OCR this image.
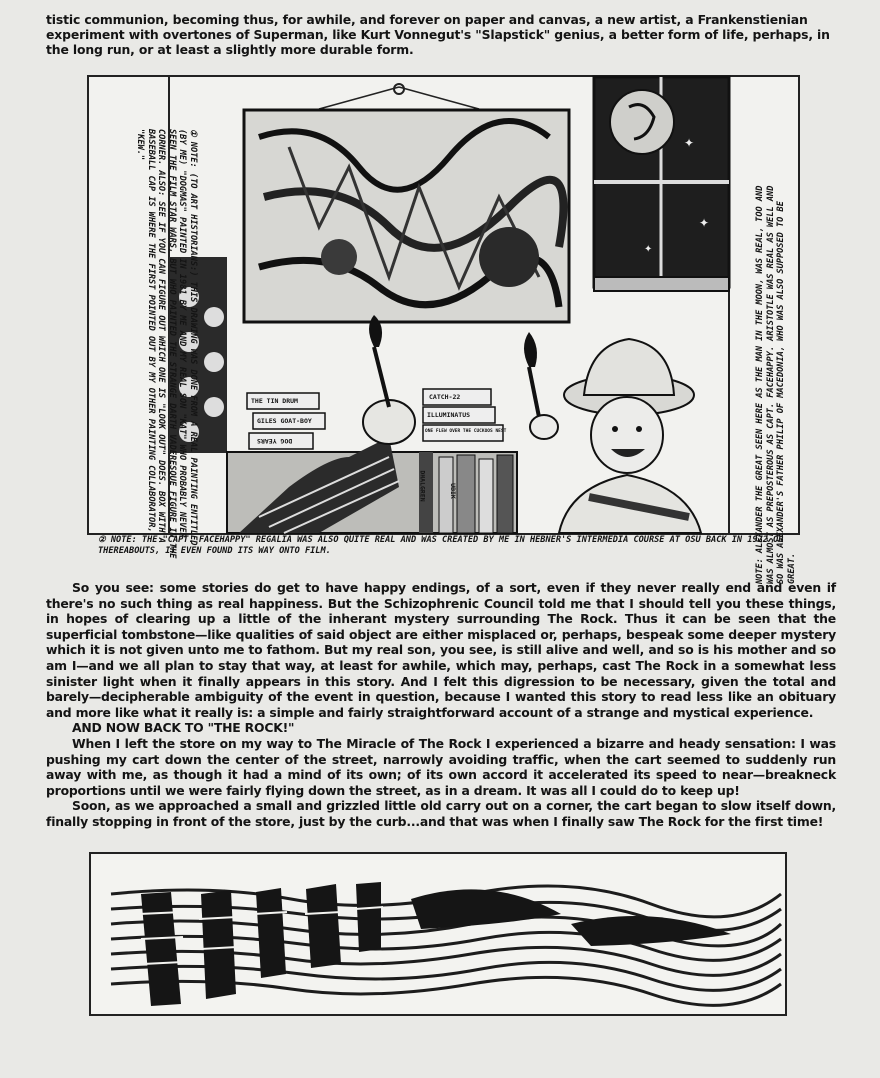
tistic communion, becoming thus, for awhile, and forever on paper and canvas, a new artist, a Frankenstienian experiment with overtones of Superman, like Kurt Vonnegut's "Slapstick" genius, a better form of life, perhaps, in the long run, or at least a slightly more durable form.

✦
✦
✦

① NOTE: (TO ART HISTORIANS:) THIS DRAWING WAS DONE FROM A REAL PAINTING ENTITLED (BY ME) "DOGMAS" PAINTED IN 1981 BY ME AND MY REAL SON "KAT" WHO PROBABLY NEVER SEEN THE FILM STAR WARS, BUT WHO PAINTED THE STRANGE DARTH VADERESQUE FIGURE IN THE CORNER. ALSO: SEE IF YOU CAN FIGURE OUT WHICH ONE IS "LOOK OUT" DOES. BOX WITH A BASEBALL CAP IS WHERE THE FIRST POINTED OUT BY MY OTHER PAINTING COLLABORATOR, "KEW."

NOTE: ALEXANDER THE GREAT SEEN HERE AS THE MAN IN THE MOON, WAS REAL, TOO AND WAS ALMOST AS PREPOSTEROUS AS CAPT. FACEHAPPY. ARISTOTLE WAS REAL AS WELL AND SO WAS ALEXANDER'S FATHER PHILIP OF MACEDONIA, WHO WAS ALSO SUPPOSED TO BE GREAT.

THE TIN DRUM
GILES GOAT-BOY
DOG YEARS
CATCH-22
ILLUMINATUS
ONE FLEW OVER THE CUCKOOS NEST
DHALGREN	UBIK

② NOTE: THE "CAPT. FACEHAPPY" REGALIA WAS ALSO QUITE REAL AND WAS CREATED BY ME IN HEBNER'S INTERMEDIA COURSE AT OSU BACK IN 1972 OR THEREABOUTS, IT EVEN FOUND ITS WAY ONTO FILM.

So you see: some stories do get to have happy endings, of a sort, even if they never really end and even if there's no such thing as real happiness. But the Schizophrenic Council told me that I should tell you these things, in hopes of clearing up a little of the inherant mystery surrounding The Rock. Thus it can be seen that the superficial tombstone—like qualities of said object are either misplaced or, perhaps, bespeak some deeper mystery which it is not given unto me to fathom. But my real son, you see, is still alive and well, and so is his mother and so am I—and we all plan to stay that way, at least for awhile, which may, perhaps, cast The Rock in a somewhat less sinister light when it finally appears in this story. And I felt this digression to be necessary, given the total and barely—decipherable ambiguity of the event in question, because I wanted this story to read less like an obituary and more like what it really is: a simple and fairly straightforward account of a strange and mystical experience.
AND NOW BACK TO "THE ROCK!"
When I left the store on my way to The Miracle of The Rock I experienced a bizarre and heady sensation: I was pushing my cart down the center of the street, narrowly avoiding traffic, when the cart seemed to suddenly run away with me, as though it had a mind of its own; of its own accord it accelerated its speed to near—breakneck proportions until we were fairly flying down the street, as in a dream. It was all I could do to keep up!
Soon, as we approached a small and grizzled little old carry out on a corner, the cart began to slow itself down, finally stopping in front of the store, just by the curb...and that was when I finally saw The Rock for the first time!
